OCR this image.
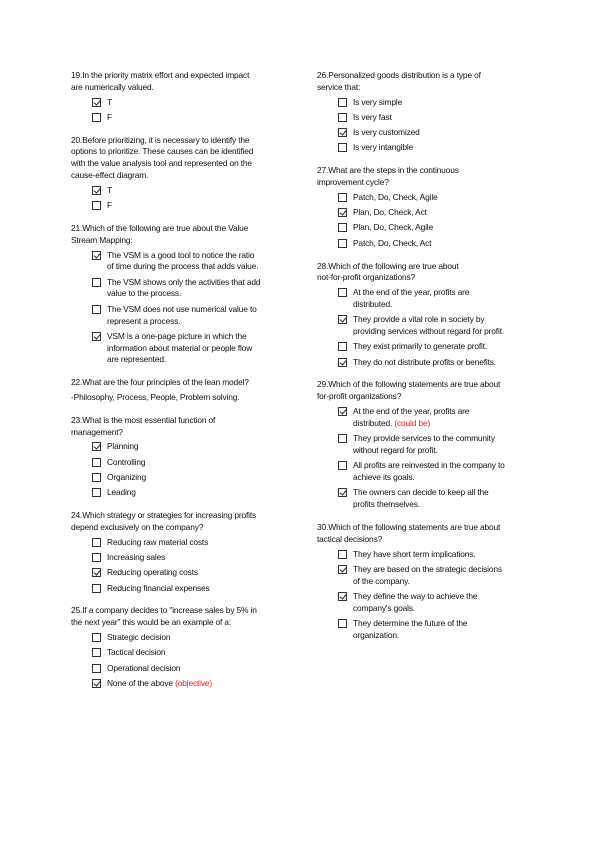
19.In the priority matrix effort and expected impact
are numerically valued.
T
F
20.Before prioritizing, it is necessary to identify the
options to prioritize. These causes can be identified
with the value analysis tool and represented on the
cause-effect diagram.
T
F
21.Which of the following are true about the Value
Stream Mapping:
The VSM is a good tool to notice the ratio
of time during the process that adds value.
The VSM shows only the activities that add
value to the process.
The VSM does not use numerical value to
represent a process.
VSM is a one-page picture in which the
information about material or people flow
are represented.
22.What are the four principles of the lean model?
-Philosophy, Process, People, Problem solving.
23.What is the most essential function of
management?
Planning
Controlling
Organizing
Leading
24.Which strategy or strategies for increasing profits
depend exclusively on the company?
Reducing raw material costs
Increasing sales
Reducing operating costs
Reducing financial expenses
25.If a company decides to "increase sales by 5% in
the next year" this would be an example of a:
Strategic decision
Tactical decision
Operational decision
None of the above (objective)
26.Personalized goods distribution is a type of
service that:
Is very simple
Is very fast
Is very customized
Is very intangible
27.What are the steps in the continuous
improvement cycle?
Patch, Do, Check, Agile
Plan, Do, Check, Act
Plan, Do, Check, Agile
Patch, Do, Check, Act
28.Which of the following are true about
not-for-profit organizations?
At the end of the year, profits are
distributed.
They provide a vital role in society by
providing services without regard for profit.
They exist primarily to generate profit.
They do not distribute profits or benefits.
29.Which of the following statements are true about
for-profit organizations?
At the end of the year, profits are
distributed. (could be)
They provide services to the community
without regard for profit.
All profits are reinvested in the company to
achieve its goals.
The owners can decide to keep all the
profits themselves.
30.Which of the following statements are true about
tactical decisions?
They have short term implications.
They are based on the strategic decisions
of the company.
They define the way to achieve the
company's goals.
They determine the future of the
organization.
